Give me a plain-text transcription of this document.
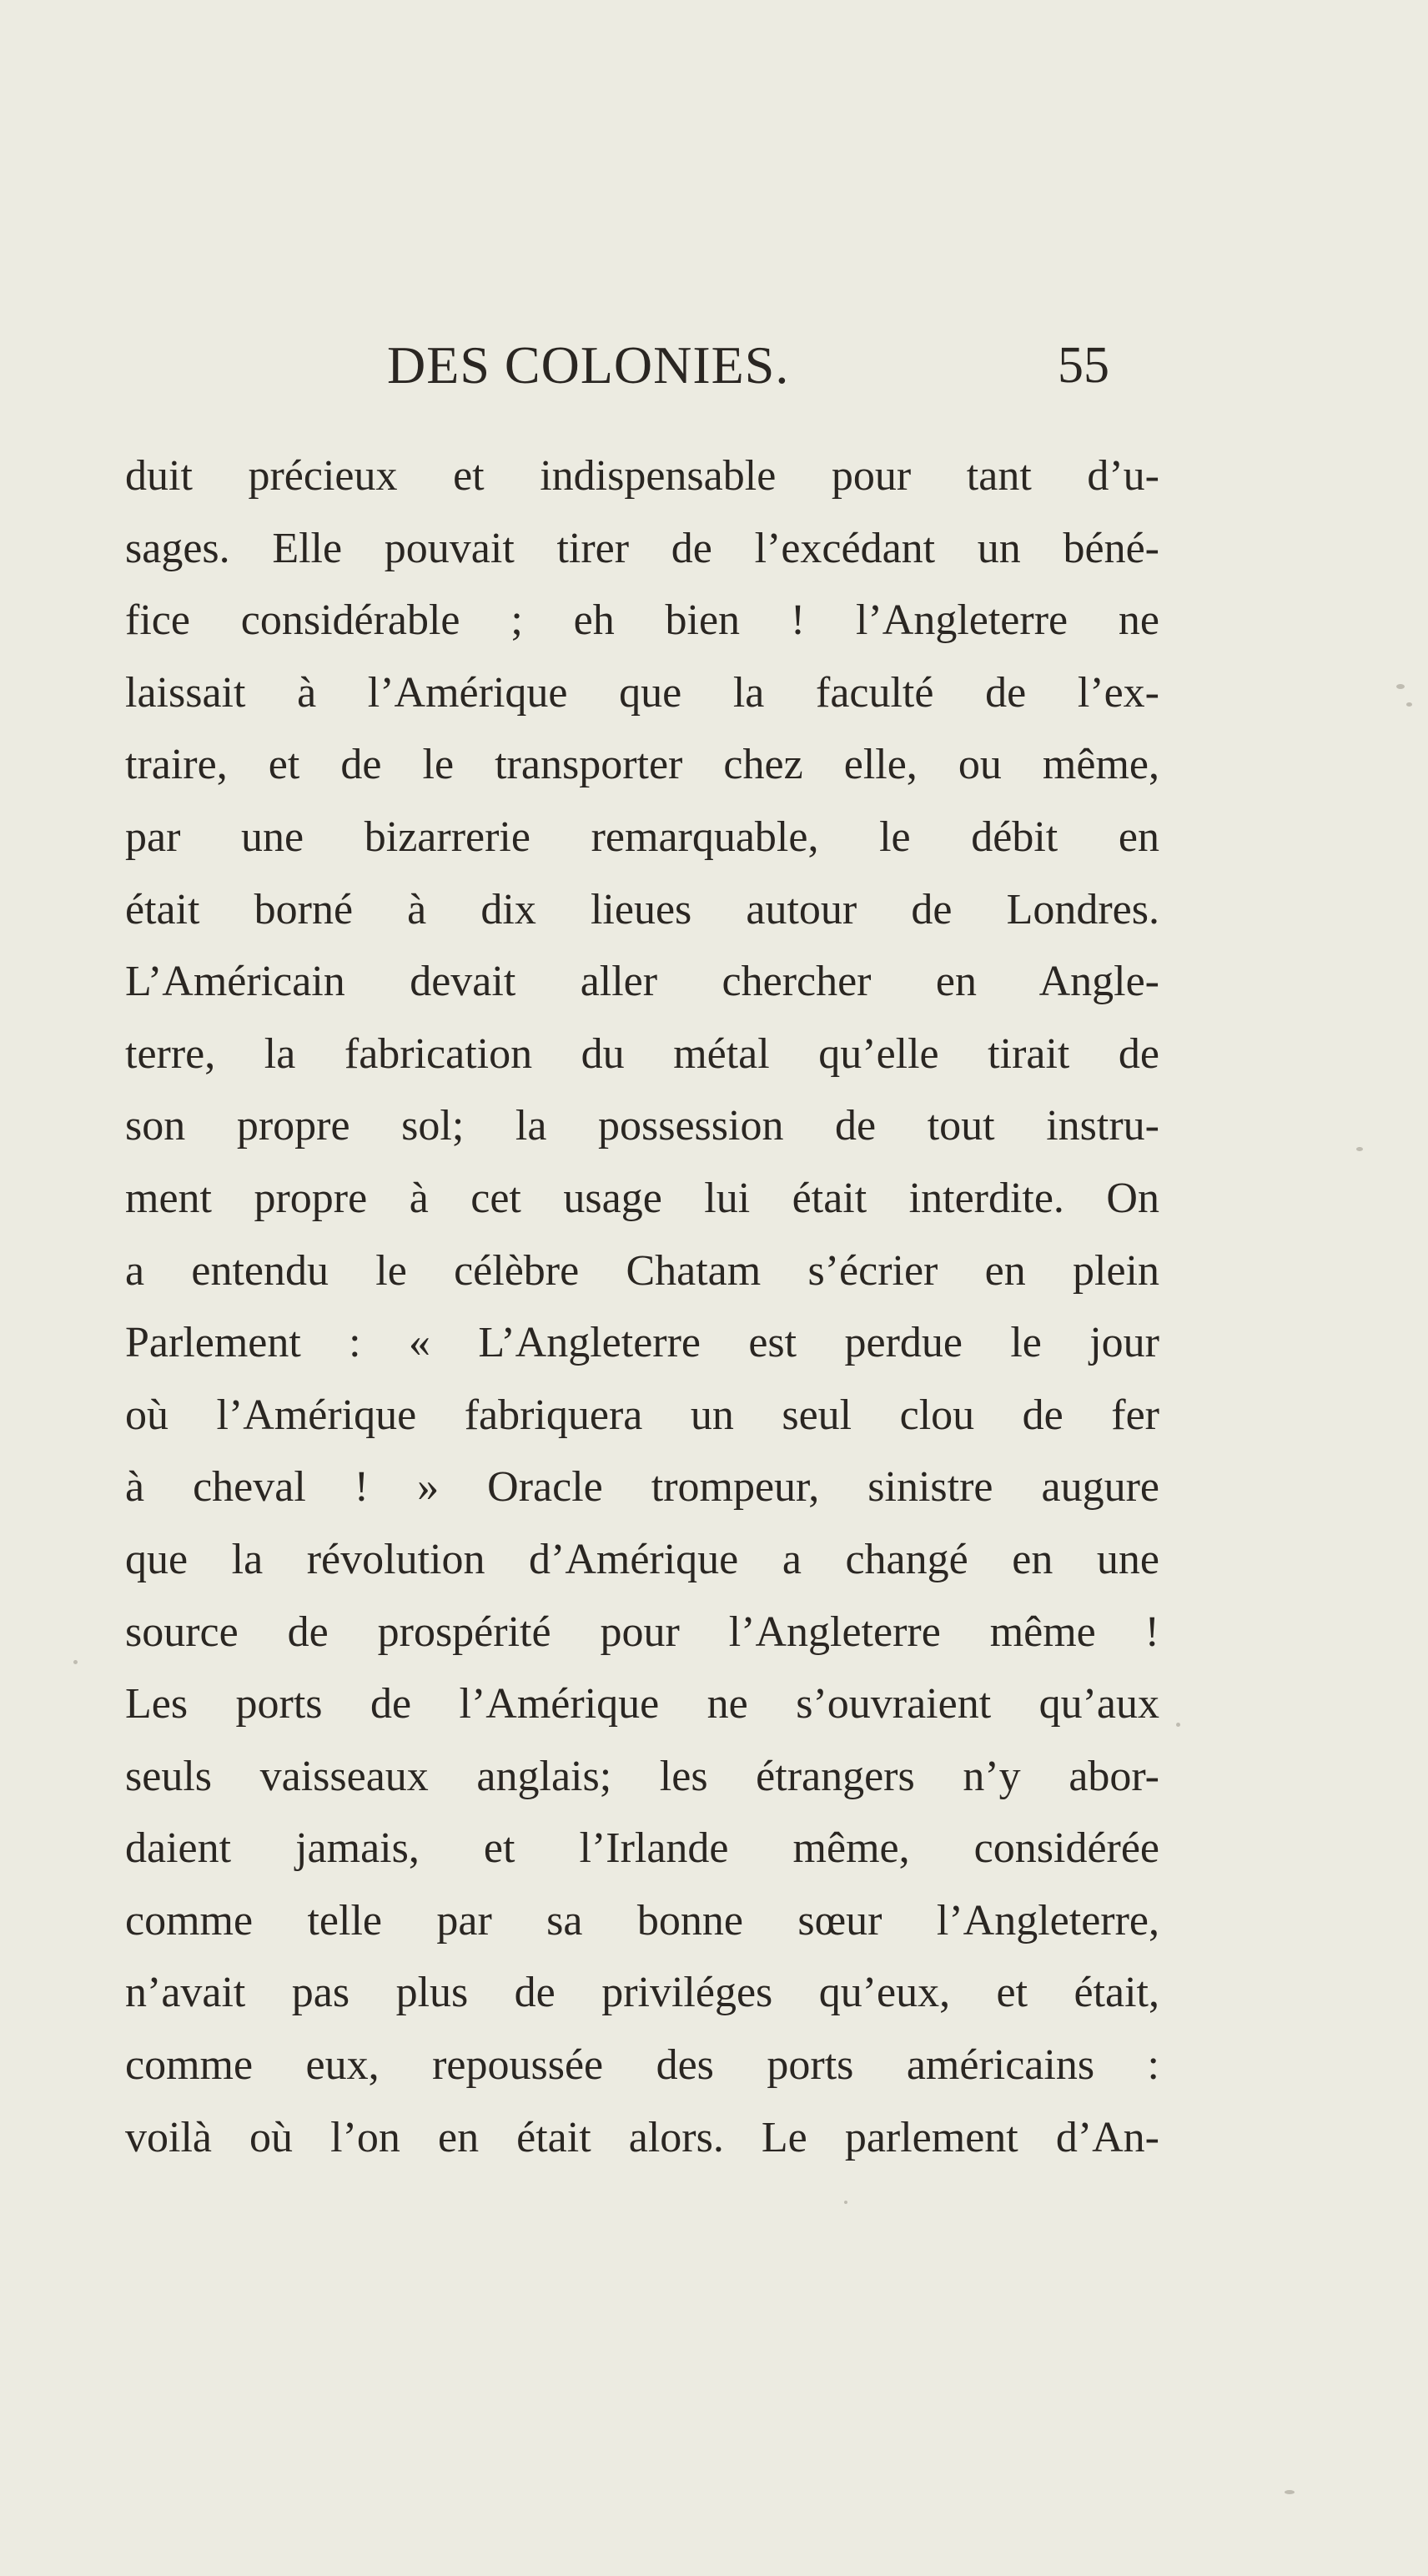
DES COLONIES.	55
duit précieux et indispensable pour tant d’u-
sages. Elle pouvait tirer de l’excédant un béné-
fice considérable ; eh bien ! l’Angleterre ne
laissait à l’Amérique que la faculté de l’ex-
traire, et de le transporter chez elle, ou même,
par une bizarrerie remarquable, le débit en
était borné à dix lieues autour de Londres.
L’Américain devait aller chercher en Angle-
terre, la fabrication du métal qu’elle tirait de
son propre sol; la possession de tout instru-
ment propre à cet usage lui était interdite. On
a entendu le célèbre Chatam s’écrier en plein
Parlement : « L’Angleterre est perdue le jour
où l’Amérique fabriquera un seul clou de fer
à cheval ! » Oracle trompeur, sinistre augure
que la révolution d’Amérique a changé en une
source de prospérité pour l’Angleterre même !
Les ports de l’Amérique ne s’ouvraient qu’aux
seuls vaisseaux anglais; les étrangers n’y abor-
daient jamais, et l’Irlande même, considérée
comme telle par sa bonne sœur l’Angleterre,
n’avait pas plus de priviléges qu’eux, et était,
comme eux, repoussée des ports américains :
voilà où l’on en était alors. Le parlement d’An-
